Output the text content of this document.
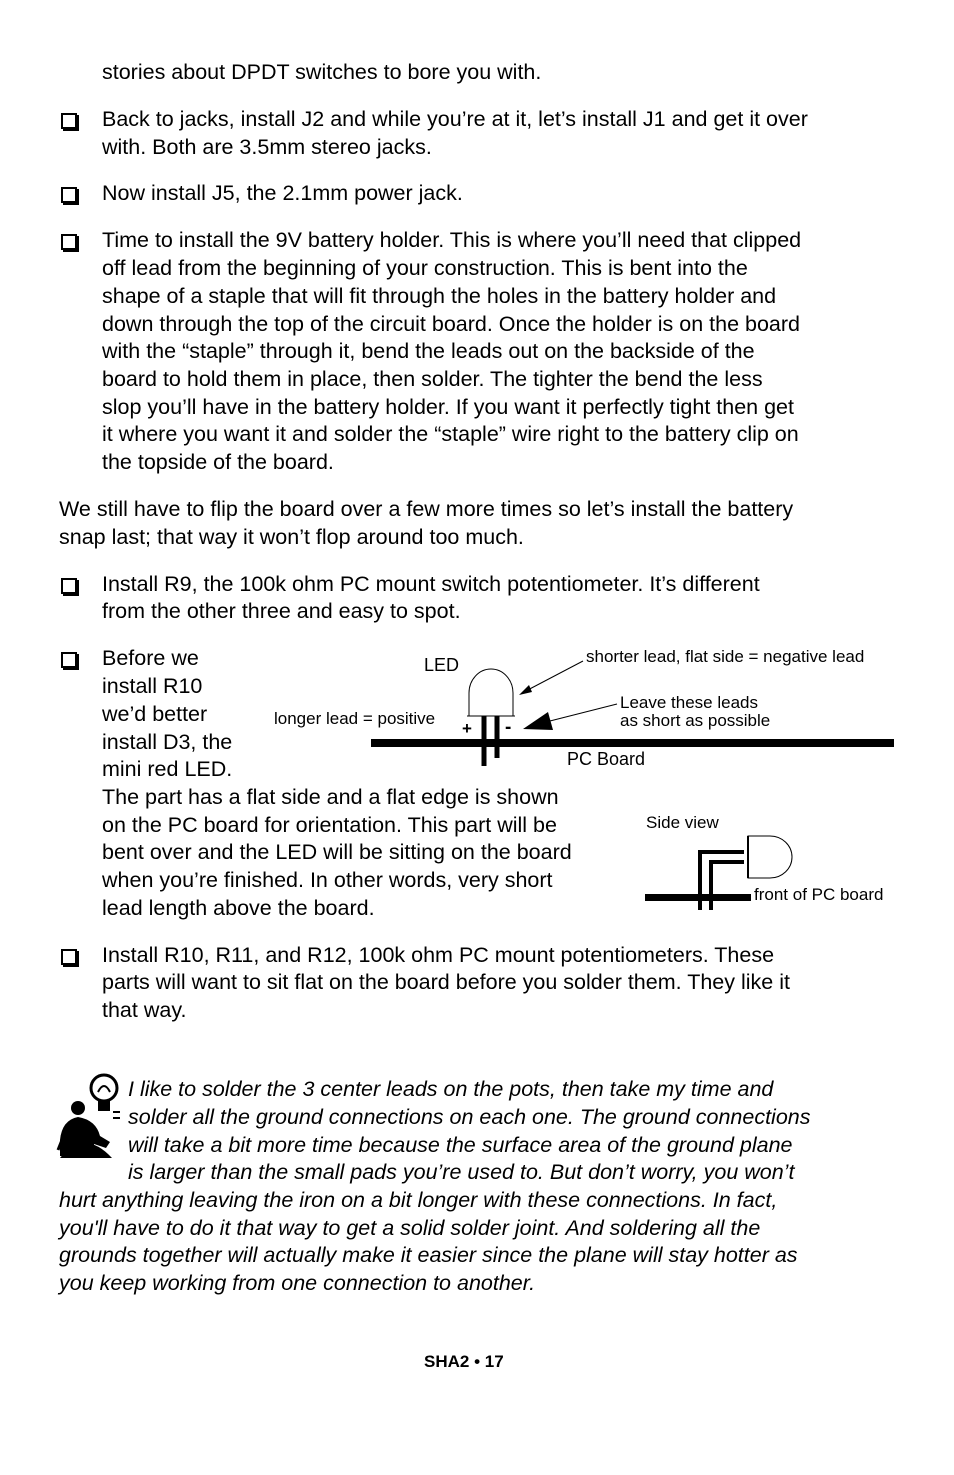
stories about DPDT switches to bore you with.
Back to jacks, install J2 and while you’re at it, let’s install J1 and get it over
with. Both are 3.5mm stereo jacks.
Now install J5, the 2.1mm power jack.
Time to install the 9V battery holder. This is where you’ll need that clipped
off lead from the beginning of your construction. This is bent into the
shape of a staple that will fit through the holes in the battery holder and
down through the top of the circuit board. Once the holder is on the board
with the “staple” through it, bend the leads out on the backside of the
board to hold them in place, then solder. The tighter the bend the less
slop you’ll have in the battery holder. If you want it perfectly tight then get
it where you want it and solder the “staple” wire right to the battery clip on
the topside of the board.
We still have to flip the board over a few more times so let’s install the battery
snap last; that way it won’t flop around too much.
Install R9, the 100k ohm PC mount switch potentiometer. It’s different
from the other three and easy to spot.
Before we
install R10
we’d better
install D3, the
mini red LED.
The part has a flat side and a flat edge is shown
on the PC board for orientation. This part will be
bent over and the LED will be sitting on the board
when you’re finished. In other words, very short
lead length above the board.
LED	shorter lead, flat side = negative lead
longer lead = positive
Leave these leads
as short as possible
+ -
PC Board
Side view
front of PC board
Install R10, R11, and R12, 100k ohm PC mount potentiometers. These
parts will want to sit flat on the board before you solder them. They like it
that way.
I like to solder the 3 center leads on the pots, then take my time and
solder all the ground connections on each one. The ground connections
will take a bit more time because the surface area of the ground plane
is larger than the small pads you’re used to. But don’t worry, you won’t
hurt anything leaving the iron on a bit longer with these connections. In fact,
you'll have to do it that way to get a solid solder joint. And soldering all the
grounds together will actually make it easier since the plane will stay hotter as
you keep working from one connection to another.
SHA2 • 17
